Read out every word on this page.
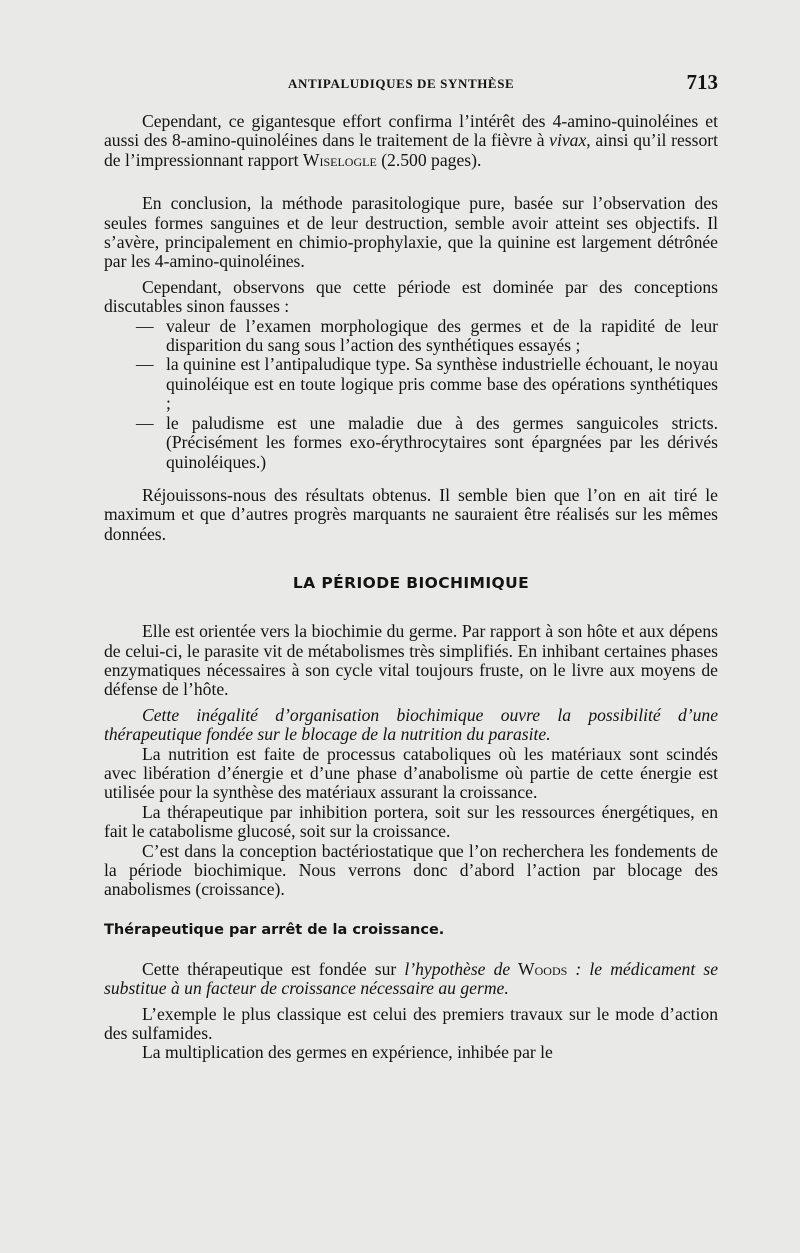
ANTIPALUDIQUES DE SYNTHÈSE	713

Cependant, ce gigantesque effort confirma l’intérêt des 4-amino-quinoléines et aussi des 8-amino-quinoléines dans le traitement de la fièvre à vivax, ainsi qu’il ressort de l’impressionnant rapport Wiselogle (2.500 pages).

En conclusion, la méthode parasitologique pure, basée sur l’observation des seules formes sanguines et de leur destruction, semble avoir atteint ses objectifs. Il s’avère, principalement en chimio-prophylaxie, que la quinine est largement détrônée par les 4-amino-quinoléines.

Cependant, observons que cette période est dominée par des conceptions discutables sinon fausses :

— valeur de l’examen morphologique des germes et de la rapidité de leur disparition du sang sous l’action des synthétiques essayés ;
— la quinine est l’antipaludique type. Sa synthèse industrielle échouant, le noyau quinoléique est en toute logique pris comme base des opérations synthétiques ;
— le paludisme est une maladie due à des germes sanguicoles stricts. (Précisément les formes exo-érythrocytaires sont épargnées par les dérivés quinoléiques.)

Réjouissons-nous des résultats obtenus. Il semble bien que l’on en ait tiré le maximum et que d’autres progrès marquants ne sauraient être réalisés sur les mêmes données.

LA PÉRIODE BIOCHIMIQUE

Elle est orientée vers la biochimie du germe. Par rapport à son hôte et aux dépens de celui-ci, le parasite vit de métabolismes très simplifiés. En inhibant certaines phases enzymatiques nécessaires à son cycle vital toujours fruste, on le livre aux moyens de défense de l’hôte.

Cette inégalité d’organisation biochimique ouvre la possibilité d’une thérapeutique fondée sur le blocage de la nutrition du parasite.

La nutrition est faite de processus cataboliques où les matériaux sont scindés avec libération d’énergie et d’une phase d’anabolisme où partie de cette énergie est utilisée pour la synthèse des matériaux assurant la croissance.

La thérapeutique par inhibition portera, soit sur les ressources énergétiques, en fait le catabolisme glucosé, soit sur la croissance.

C’est dans la conception bactériostatique que l’on recherchera les fondements de la période biochimique. Nous verrons donc d’abord l’action par blocage des anabolismes (croissance).

Thérapeutique par arrêt de la croissance.

Cette thérapeutique est fondée sur l’hypothèse de Woods : le médicament se substitue à un facteur de croissance nécessaire au germe.

L’exemple le plus classique est celui des premiers travaux sur le mode d’action des sulfamides.

La multiplication des germes en expérience, inhibée par le
